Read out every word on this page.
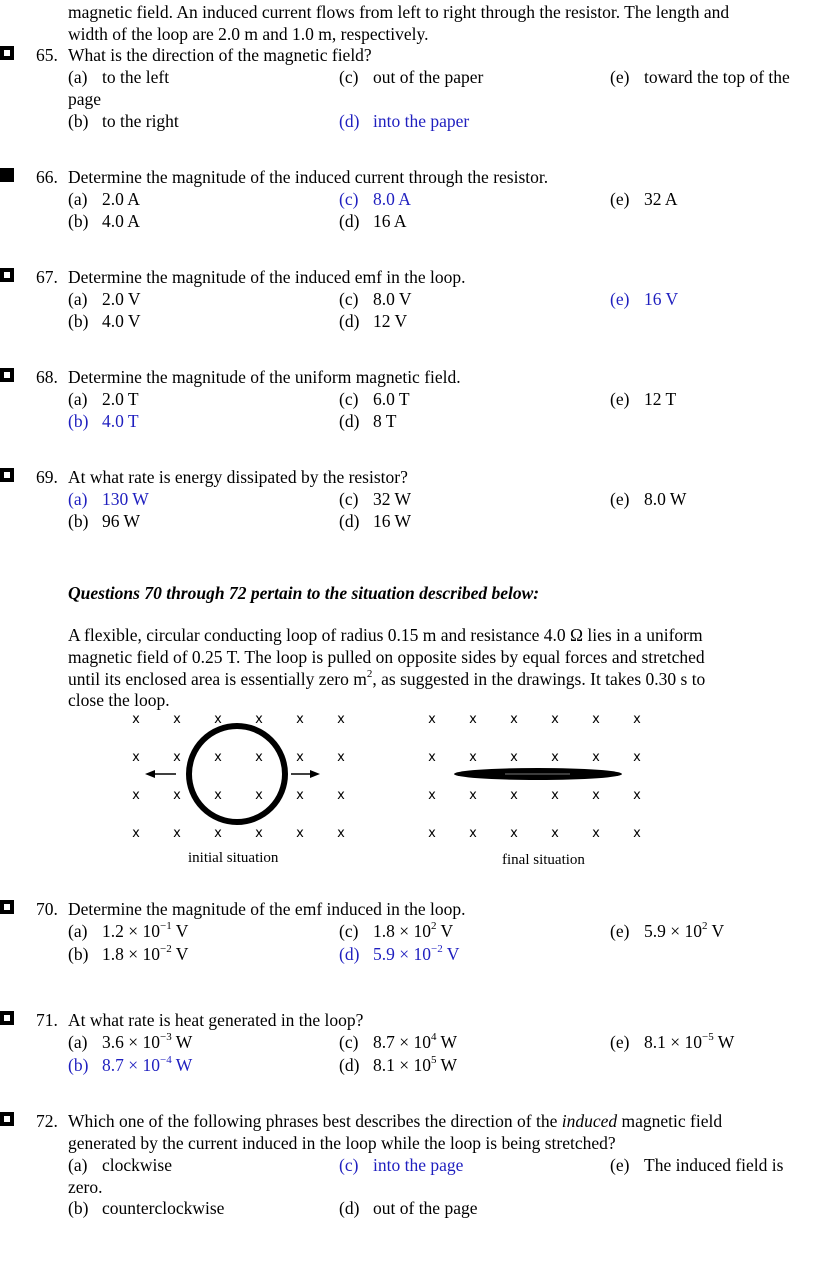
magnetic field. An induced current flows from left to right through the resistor. The length and
width of the loop are 2.0 m and 1.0 m, respectively.
65. What is the direction of the magnetic field?
(a) to the left	(c) out of the paper	(e) toward the top of the
page
(b) to the right	(d) into the paper
66. Determine the magnitude of the induced current through the resistor.
(a) 2.0 A	(c) 8.0 A	(e) 32 A
(b) 4.0 A	(d) 16 A
67. Determine the magnitude of the induced emf in the loop.
(a) 2.0 V	(c) 8.0 V	(e) 16 V
(b) 4.0 V	(d) 12 V
68. Determine the magnitude of the uniform magnetic field.
(a) 2.0 T	(c) 6.0 T	(e) 12 T
(b) 4.0 T	(d) 8 T
69. At what rate is energy dissipated by the resistor?
(a) 130 W	(c) 32 W	(e) 8.0 W
(b) 96 W	(d) 16 W
Questions 70 through 72 pertain to the situation described below:
A flexible, circular conducting loop of radius 0.15 m and resistance 4.0 Ω lies in a uniform
magnetic field of 0.25 T. The loop is pulled on opposite sides by equal forces and stretched
until its enclosed area is essentially zero $m^2$, as suggested in the drawings. It takes 0.30 s to
close the loop.
x	x	x	x	x	x
x	x	x	x	x	x
x	x	x	x	x	x
x	x	x	x	x	x
x	x	x	x	x	x
x	x	x	x	x	x
x	x	x	x	x	x
x	x	x	x	x	x
initial situation	final situation
70. Determine the magnitude of the emf induced in the loop.
(a) $1.2 \times 10^{-1}$ V	(c) $1.8 \times 10^2$ V	(e) $5.9 \times 10^2$ V
(b) $1.8 \times 10^{-2}$ V	(d) $5.9 \times 10^{-2}$ V
71. At what rate is heat generated in the loop?
(a) $3.6 \times 10^{-3}$ W	(c) $8.7 \times 10^4$ W	(e) $8.1 \times 10^{-5}$ W
(b) $8.7 \times 10^{-4}$ W	(d) $8.1 \times 10^5$ W
72. Which one of the following phrases best describes the direction of the induced magnetic field
generated by the current induced in the loop while the loop is being stretched?
(a) clockwise	(c) into the page	(e) The induced field is
zero.
(b) counterclockwise	(d) out of the page
